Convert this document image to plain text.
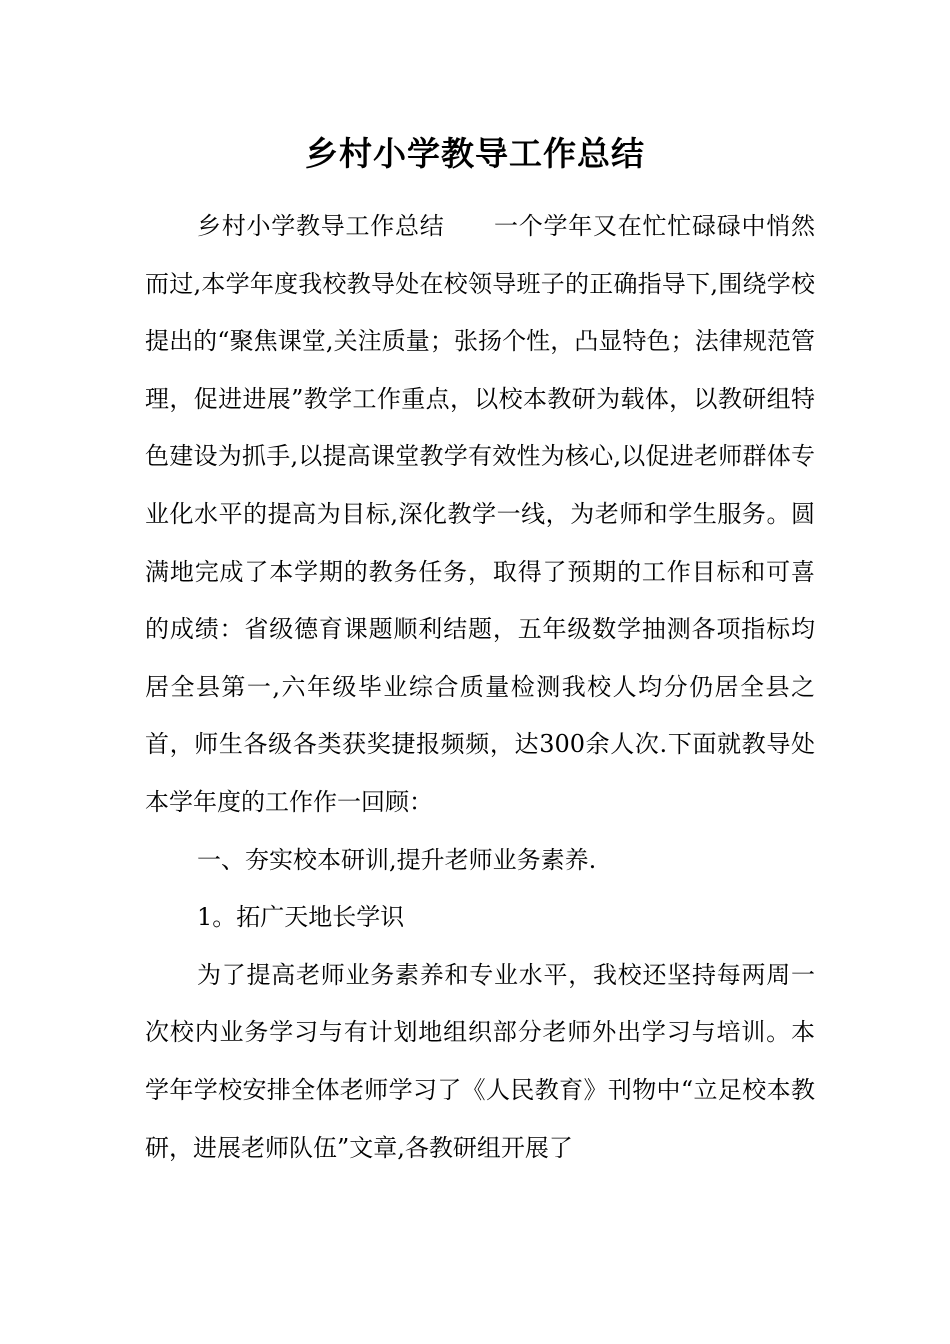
乡村小学教导工作总结

乡村小学教导工作总结　　一个学年又在忙忙碌碌中悄然而过,本学年度我校教导处在校领导班子的正确指导下,围绕学校提出的“聚焦课堂,关注质量；张扬个性，凸显特色；法律规范管理，促进进展”教学工作重点，以校本教研为载体，以教研组特色建设为抓手,以提高课堂教学有效性为核心,以促进老师群体专业化水平的提高为目标,深化教学一线，为老师和学生服务。圆满地完成了本学期的教务任务，取得了预期的工作目标和可喜的成绩：省级德育课题顺利结题，五年级数学抽测各项指标均居全县第一,六年级毕业综合质量检测我校人均分仍居全县之首，师生各级各类获奖捷报频频，达300余人次.下面就教导处本学年度的工作作一回顾：

一、夯实校本研训,提升老师业务素养.

1。拓广天地长学识

为了提高老师业务素养和专业水平，我校还坚持每两周一次校内业务学习与有计划地组织部分老师外出学习与培训。本学年学校安排全体老师学习了《人民教育》刊物中“立足校本教研，进展老师队伍”文章,各教研组开展了
